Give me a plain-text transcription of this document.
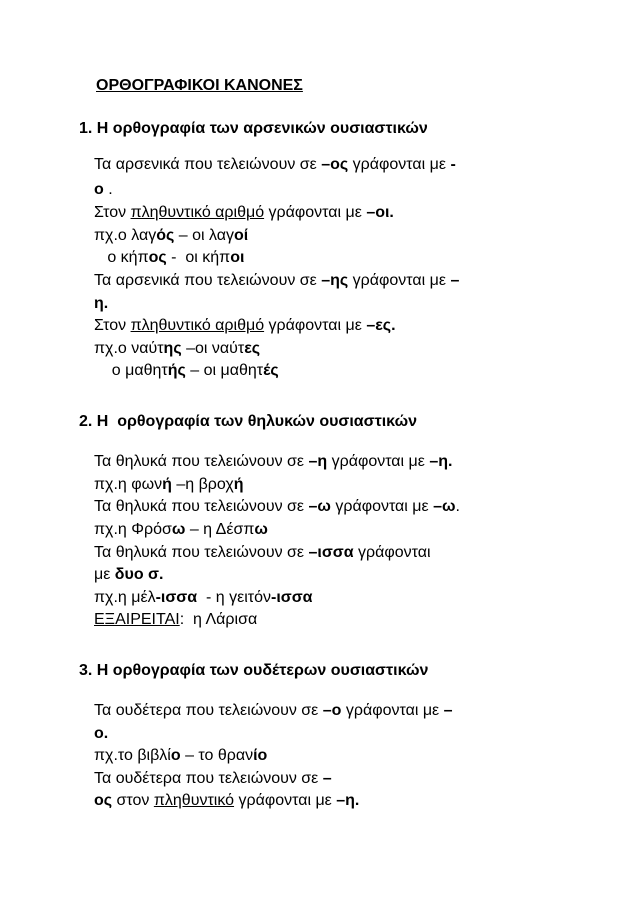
ΟΡΘΟΓΡΑΦΙΚΟΙ ΚΑΝΟΝΕΣ
1. Η ορθογραφία των αρσενικών ουσιαστικών
Τα αρσενικά που τελειώνουν σε –ος γράφονται με -
ο .
Στον πληθυντικό αριθμό γράφονται με –οι.
πχ.ο λαγός – οι λαγοί
ο κήπος -  οι κήποι
Τα αρσενικά που τελειώνουν σε –ης γράφονται με –
η.
Στον πληθυντικό αριθμό γράφονται με –ες.
πχ.ο ναύτης –οι ναύτες
ο μαθητής – οι μαθητές
2. Η  ορθογραφία των θηλυκών ουσιαστικών
Τα θηλυκά που τελειώνουν σε –η γράφονται με –η.
πχ.η φωνή –η βροχή
Τα θηλυκά που τελειώνουν σε –ω γράφονται με –ω.
πχ.η Φρόσω – η Δέσπω
Τα θηλυκά που τελειώνουν σε –ισσα γράφονται
με δυο σ.
πχ.η μέλ-ισσα  - η γειτόν-ισσα
ΕΞΑΙΡΕΙΤΑΙ:  η Λάρισα
3. Η ορθογραφία των ουδέτερων ουσιαστικών
Τα ουδέτερα που τελειώνουν σε –ο γράφονται με –
ο.
πχ.το βιβλίο – το θρανίο
Τα ουδέτερα που τελειώνουν σε –
ος στον πληθυντικό γράφονται με –η.
